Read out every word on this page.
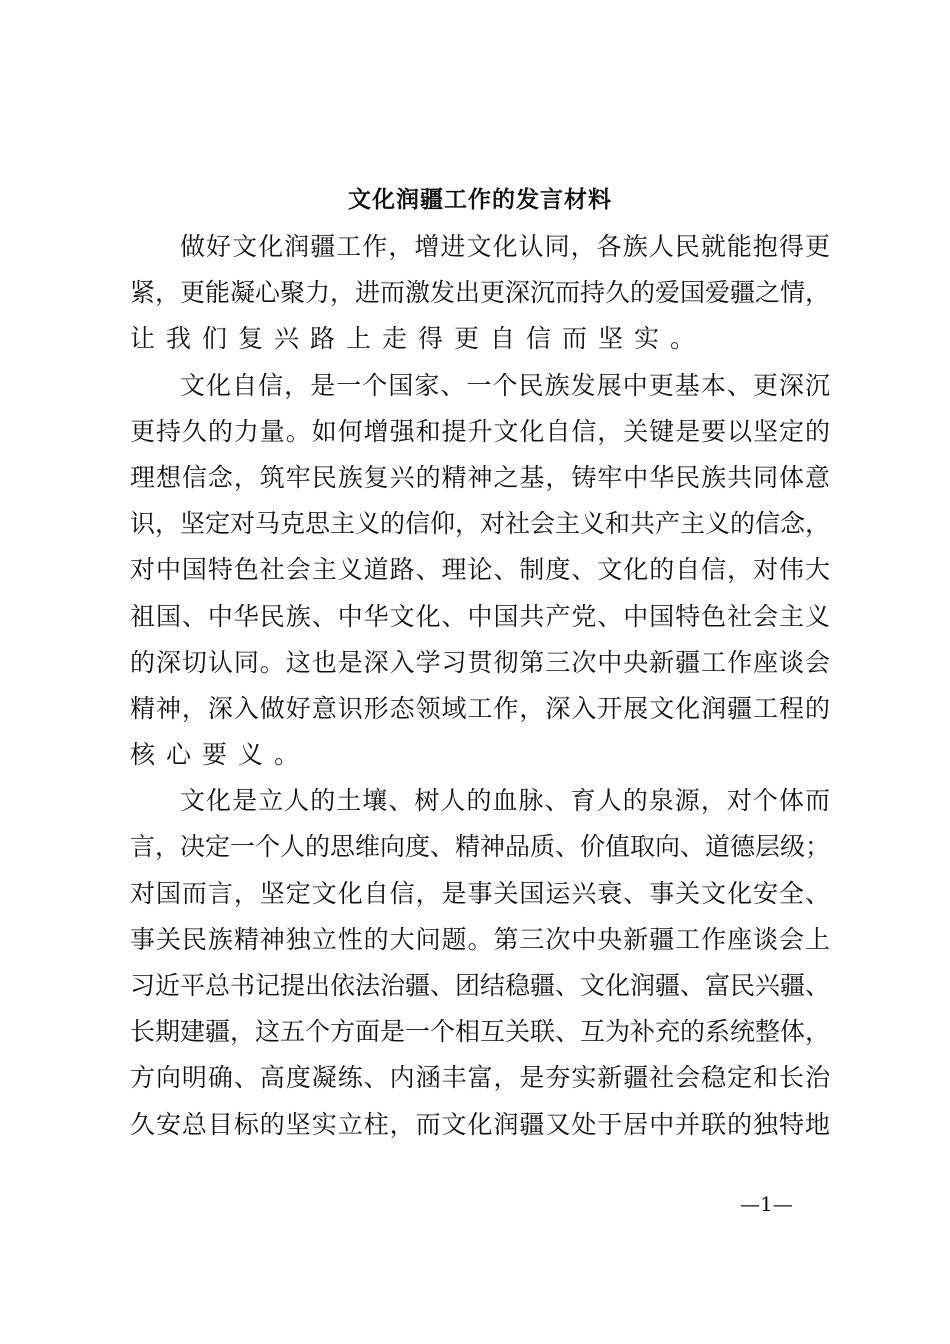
文化润疆工作的发言材料
做好文化润疆工作，增进文化认同，各族人民就能抱得更
紧，更能凝心聚力，进而激发出更深沉而持久的爱国爱疆之情，
让我们复兴路上走得更自信而坚实。
文化自信，是一个国家、一个民族发展中更基本、更深沉
更持久的力量。如何增强和提升文化自信，关键是要以坚定的
理想信念，筑牢民族复兴的精神之基，铸牢中华民族共同体意
识，坚定对马克思主义的信仰，对社会主义和共产主义的信念，
对中国特色社会主义道路、理论、制度、文化的自信，对伟大
祖国、中华民族、中华文化、中国共产党、中国特色社会主义
的深切认同。这也是深入学习贯彻第三次中央新疆工作座谈会
精神，深入做好意识形态领域工作，深入开展文化润疆工程的
核心要义。
文化是立人的土壤、树人的血脉、育人的泉源，对个体而
言，决定一个人的思维向度、精神品质、价值取向、道德层级；
对国而言，坚定文化自信，是事关国运兴衰、事关文化安全、
事关民族精神独立性的大问题。第三次中央新疆工作座谈会上
习近平总书记提出依法治疆、团结稳疆、文化润疆、富民兴疆、
长期建疆，这五个方面是一个相互关联、互为补充的系统整体，
方向明确、高度凝练、内涵丰富，是夯实新疆社会稳定和长治
久安总目标的坚实立柱，而文化润疆又处于居中并联的独特地
—1—
